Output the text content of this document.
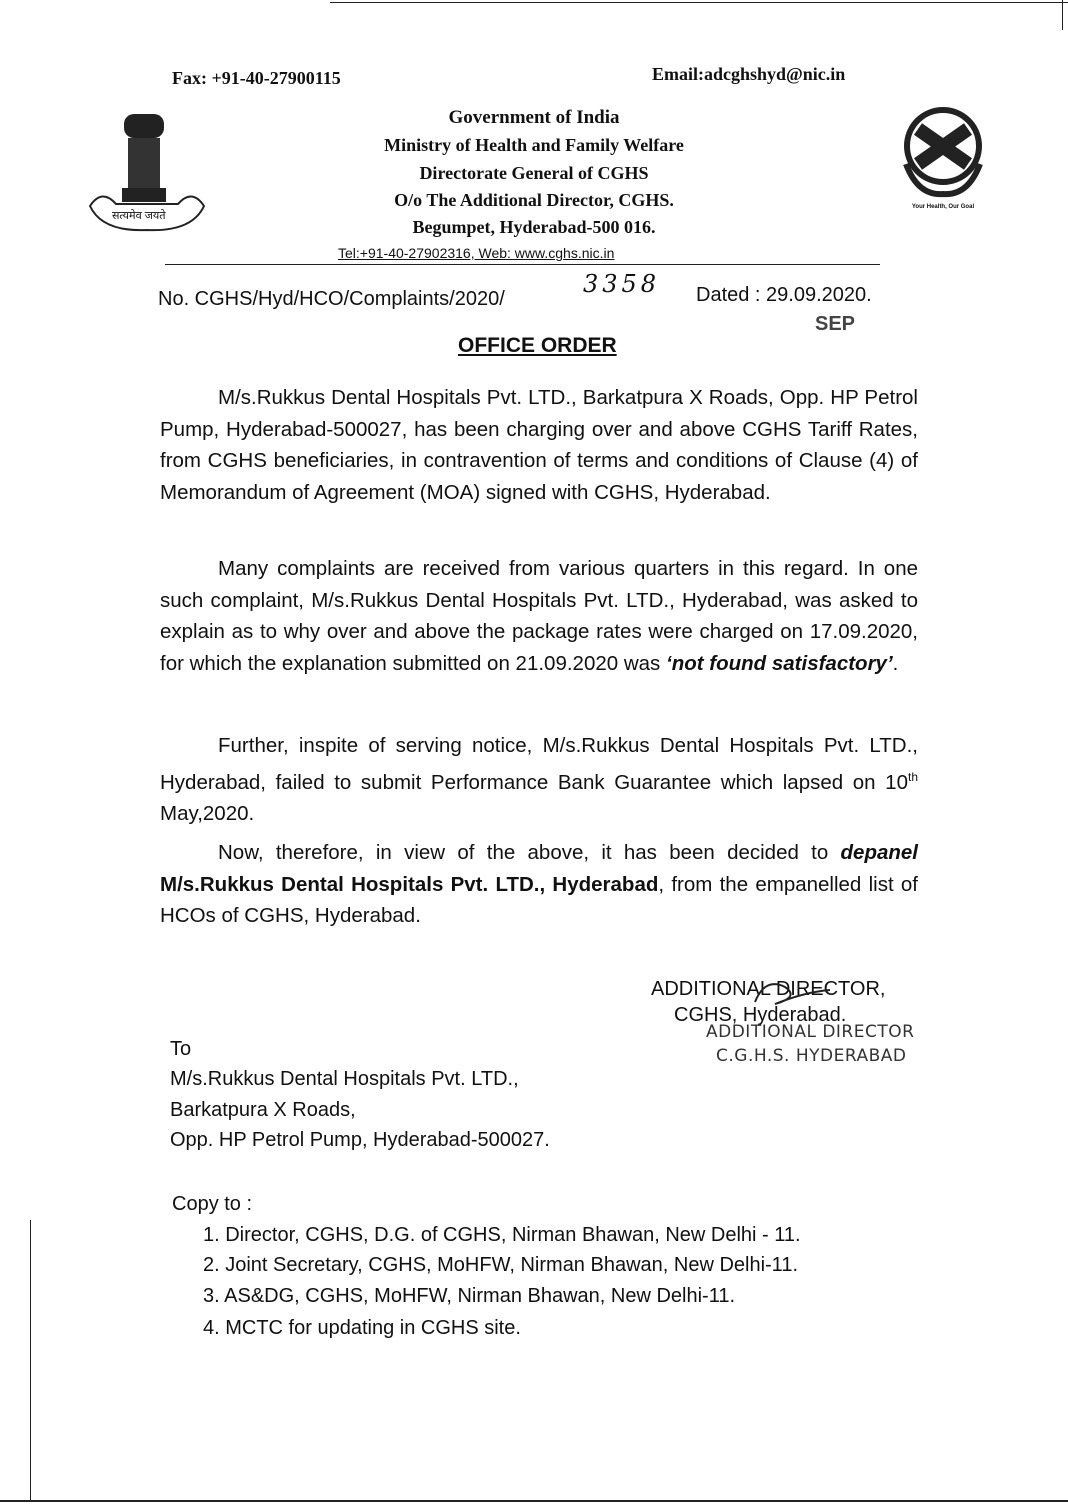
Fax: +91-40-27900115	Email:adcghshyd@nic.in
सत्यमेव जयते
Your Health, Our Goal
Government of India
Ministry of Health and Family Welfare
Directorate General of CGHS
O/o The Additional Director, CGHS.
Begumpet, Hyderabad-500 016.
Tel:+91-40-27902316, Web: www.cghs.nic.in
No. CGHS/Hyd/HCO/Complaints/2020/
3358 Dated : 29.09.2020.
SEP
OFFICE ORDER
M/s.Rukkus Dental Hospitals Pvt. LTD., Barkatpura X Roads, Opp. HP Petrol Pump, Hyderabad-500027, has been charging over and above CGHS Tariff Rates, from CGHS beneficiaries, in contravention of terms and conditions of Clause (4) of Memorandum of Agreement (MOA) signed with CGHS, Hyderabad.
Many complaints are received from various quarters in this regard. In one such complaint, M/s.Rukkus Dental Hospitals Pvt. LTD., Hyderabad, was asked to explain as to why over and above the package rates were charged on 17.09.2020, for which the explanation submitted on 21.09.2020 was ‘not found satisfactory’.
Further, inspite of serving notice, M/s.Rukkus Dental Hospitals Pvt. LTD., Hyderabad, failed to submit Performance Bank Guarantee which lapsed on 10th May,2020.
Now, therefore, in view of the above, it has been decided to depanel M/s.Rukkus Dental Hospitals Pvt. LTD., Hyderabad, from the empanelled list of HCOs of CGHS, Hyderabad.
ADDITIONAL DIRECTOR,
CGHS, Hyderabad.
ADDITIONAL DIRECTOR
C.G.H.S. HYDERABAD
To
M/s.Rukkus Dental Hospitals Pvt. LTD.,
Barkatpura X Roads,
Opp. HP Petrol Pump, Hyderabad-500027.
Copy to :
1. Director, CGHS, D.G. of CGHS, Nirman Bhawan, New Delhi - 11.
2. Joint Secretary, CGHS, MoHFW, Nirman Bhawan, New Delhi-11.
3. AS&DG, CGHS, MoHFW, Nirman Bhawan, New Delhi-11.
4. MCTC for updating in CGHS site.
